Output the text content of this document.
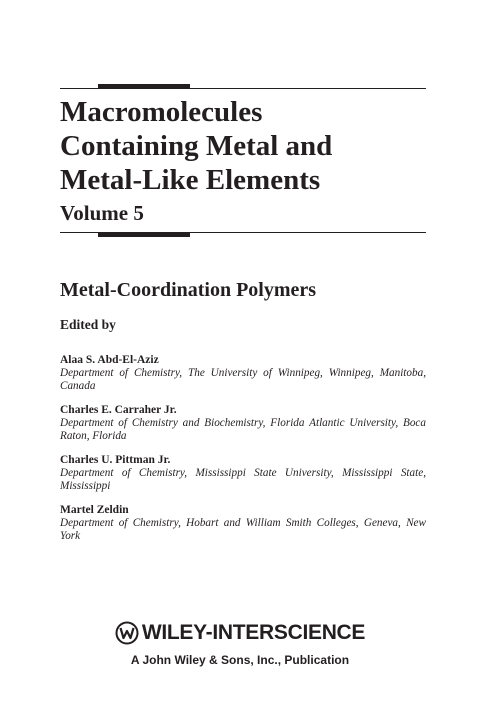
Macromolecules
Containing Metal and
Metal-Like Elements
Volume 5
Metal-Coordination Polymers
Edited by
Alaa S. Abd-El-Aziz
Department of Chemistry, The University of Winnipeg, Winnipeg, Manitoba, Canada
Charles E. Carraher Jr.
Department of Chemistry and Biochemistry, Florida Atlantic University, Boca Raton, Florida
Charles U. Pittman Jr.
Department of Chemistry, Mississippi State University, Mississippi State, Mississippi
Martel Zeldin
Department of Chemistry, Hobart and William Smith Colleges, Geneva, New York
WILEY-INTERSCIENCE
A John Wiley & Sons, Inc., Publication
